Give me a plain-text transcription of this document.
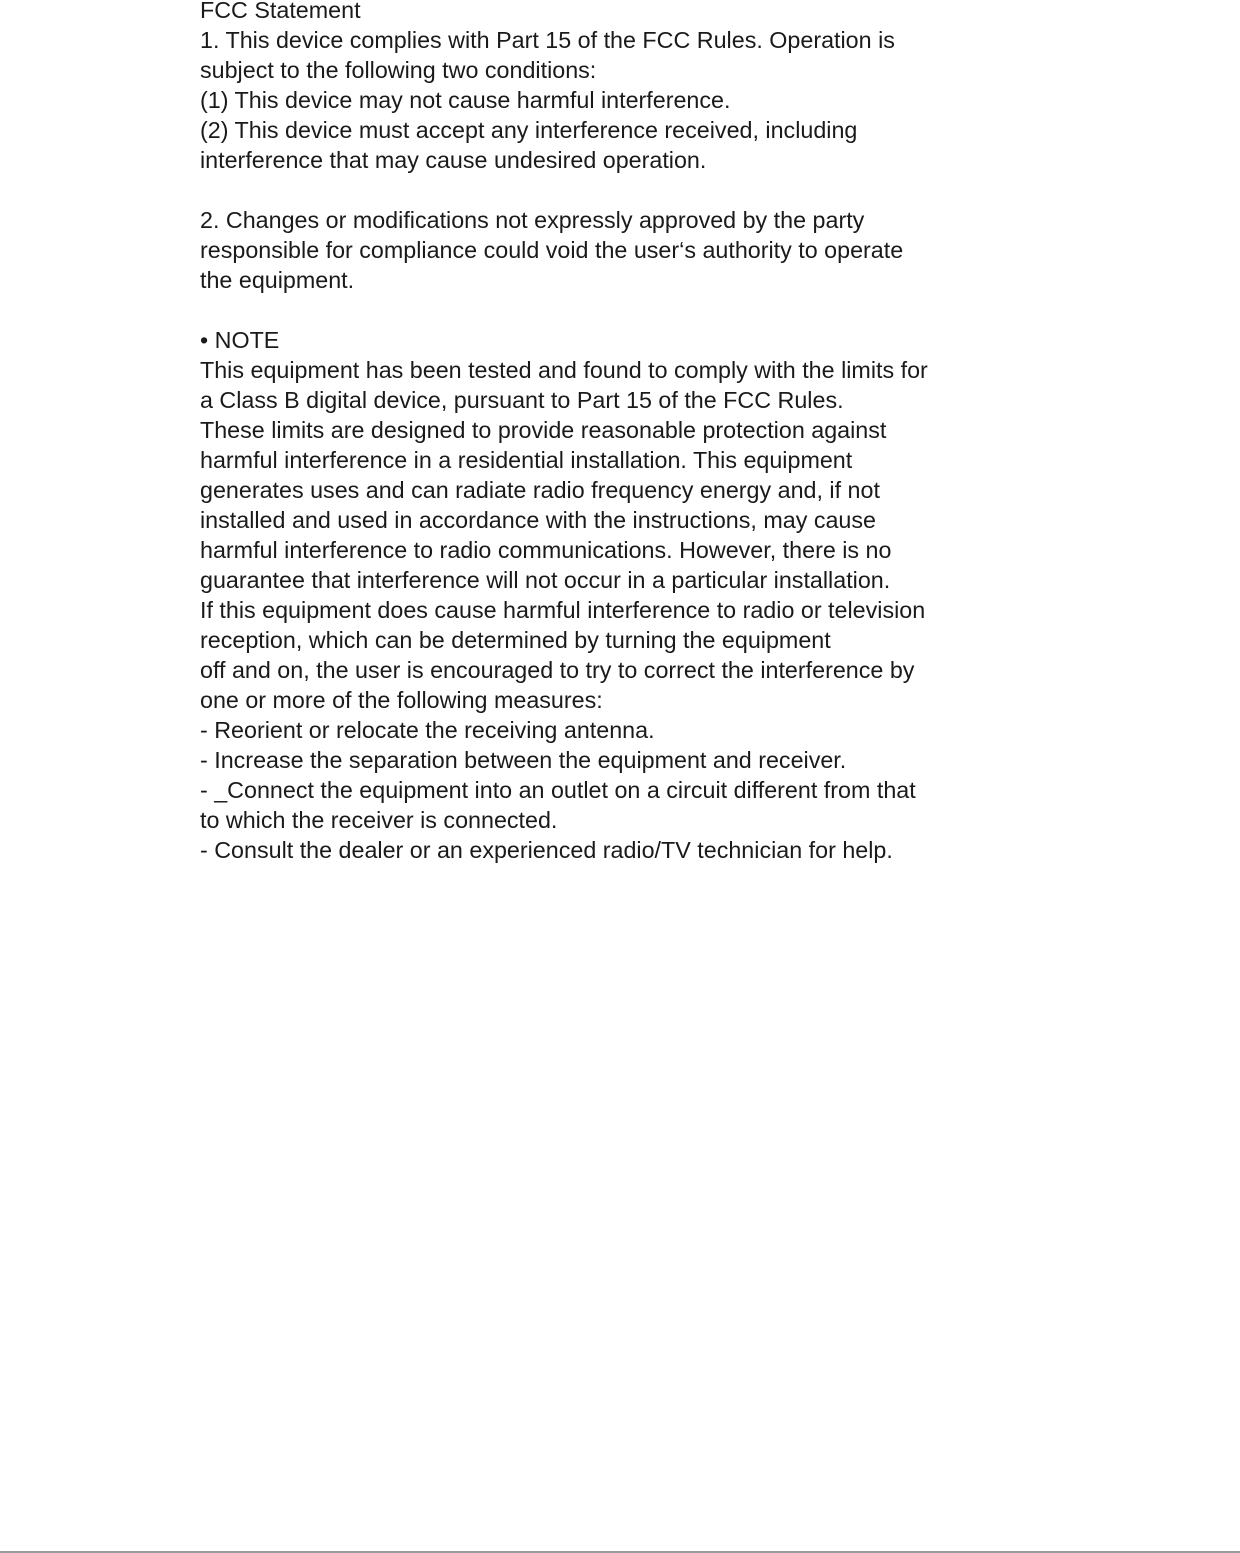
FCC Statement
1. This device complies with Part 15 of the FCC Rules. Operation is
subject to the following two conditions:
(1) This device may not cause harmful interference.
(2) This device must accept any interference received, including
interference that may cause undesired operation.
2. Changes or modifications not expressly approved by the party
responsible for compliance could void the user‘s authority to operate
the equipment.
• NOTE
This equipment has been tested and found to comply with the limits for
a Class B digital device, pursuant to Part 15 of the FCC Rules.
These limits are designed to provide reasonable protection against
harmful interference in a residential installation. This equipment
generates uses and can radiate radio frequency energy and, if not
installed and used in accordance with the instructions, may cause
harmful interference to radio communications. However, there is no
guarantee that interference will not occur in a particular installation.
If this equipment does cause harmful interference to radio or television
reception, which can be determined by turning the equipment
off and on, the user is encouraged to try to correct the interference by
one or more of the following measures:
- Reorient or relocate the receiving antenna.
- Increase the separation between the equipment and receiver.
- _Connect the equipment into an outlet on a circuit different from that
to which the receiver is connected.
- Consult the dealer or an experienced radio/TV technician for help.
